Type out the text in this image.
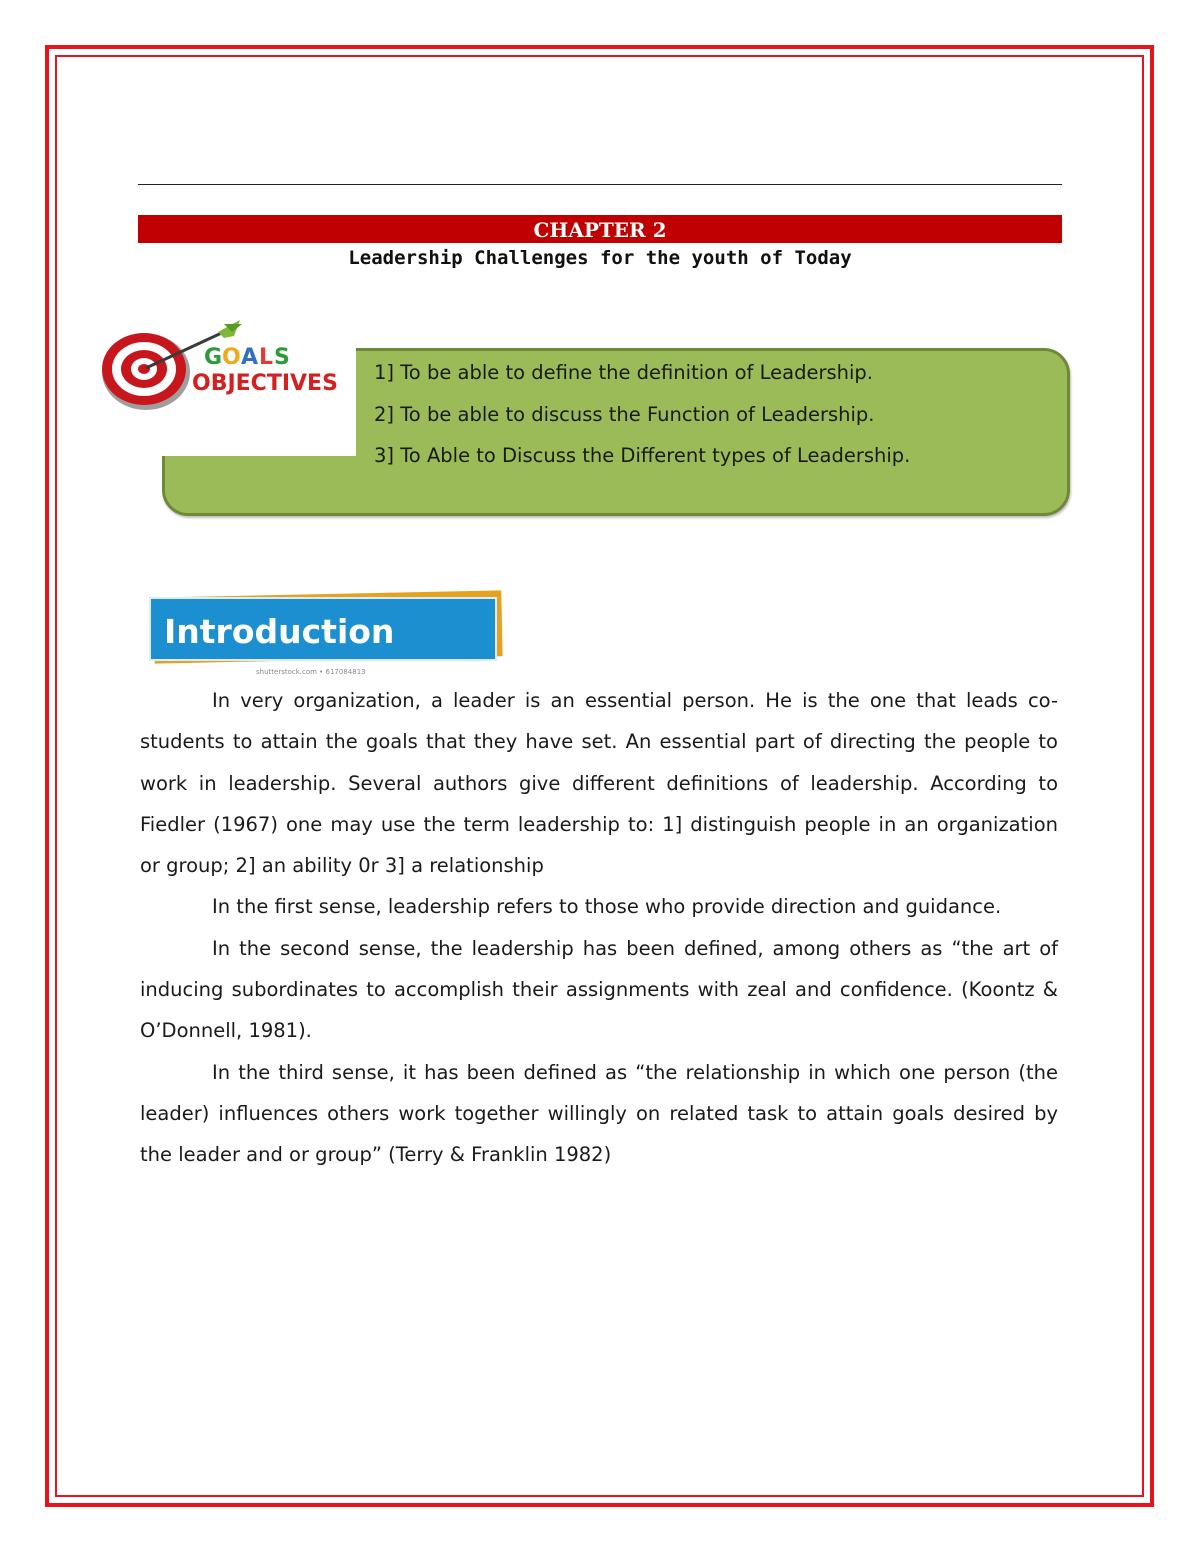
CHAPTER 2
Leadership Challenges for the youth of Today
G O A L S
OBJECTIVES 1] To be able to define the definition of Leadership.
2] To be able to discuss the Function of Leadership.
3] To Able to Discuss the Different types of Leadership.
Introduction
shutterstock.com • 617084813

In very organization, a leader is an essential person. He is the one that leads co-students to attain the goals that they have set. An essential part of directing the people to work in leadership. Several authors give different definitions of leadership. According to Fiedler (1967) one may use the term leadership to: 1] distinguish people in an organization or group; 2] an ability 0r 3] a relationship

In the first sense, leadership refers to those who provide direction and guidance.

In the second sense, the leadership has been defined, among others as “the art of inducing subordinates to accomplish their assignments with zeal and confidence. (Koontz & O’Donnell, 1981).

In the third sense, it has been defined as “the relationship in which one person (the leader) influences others work together willingly on related task to attain goals desired by the leader and or group” (Terry & Franklin 1982)
